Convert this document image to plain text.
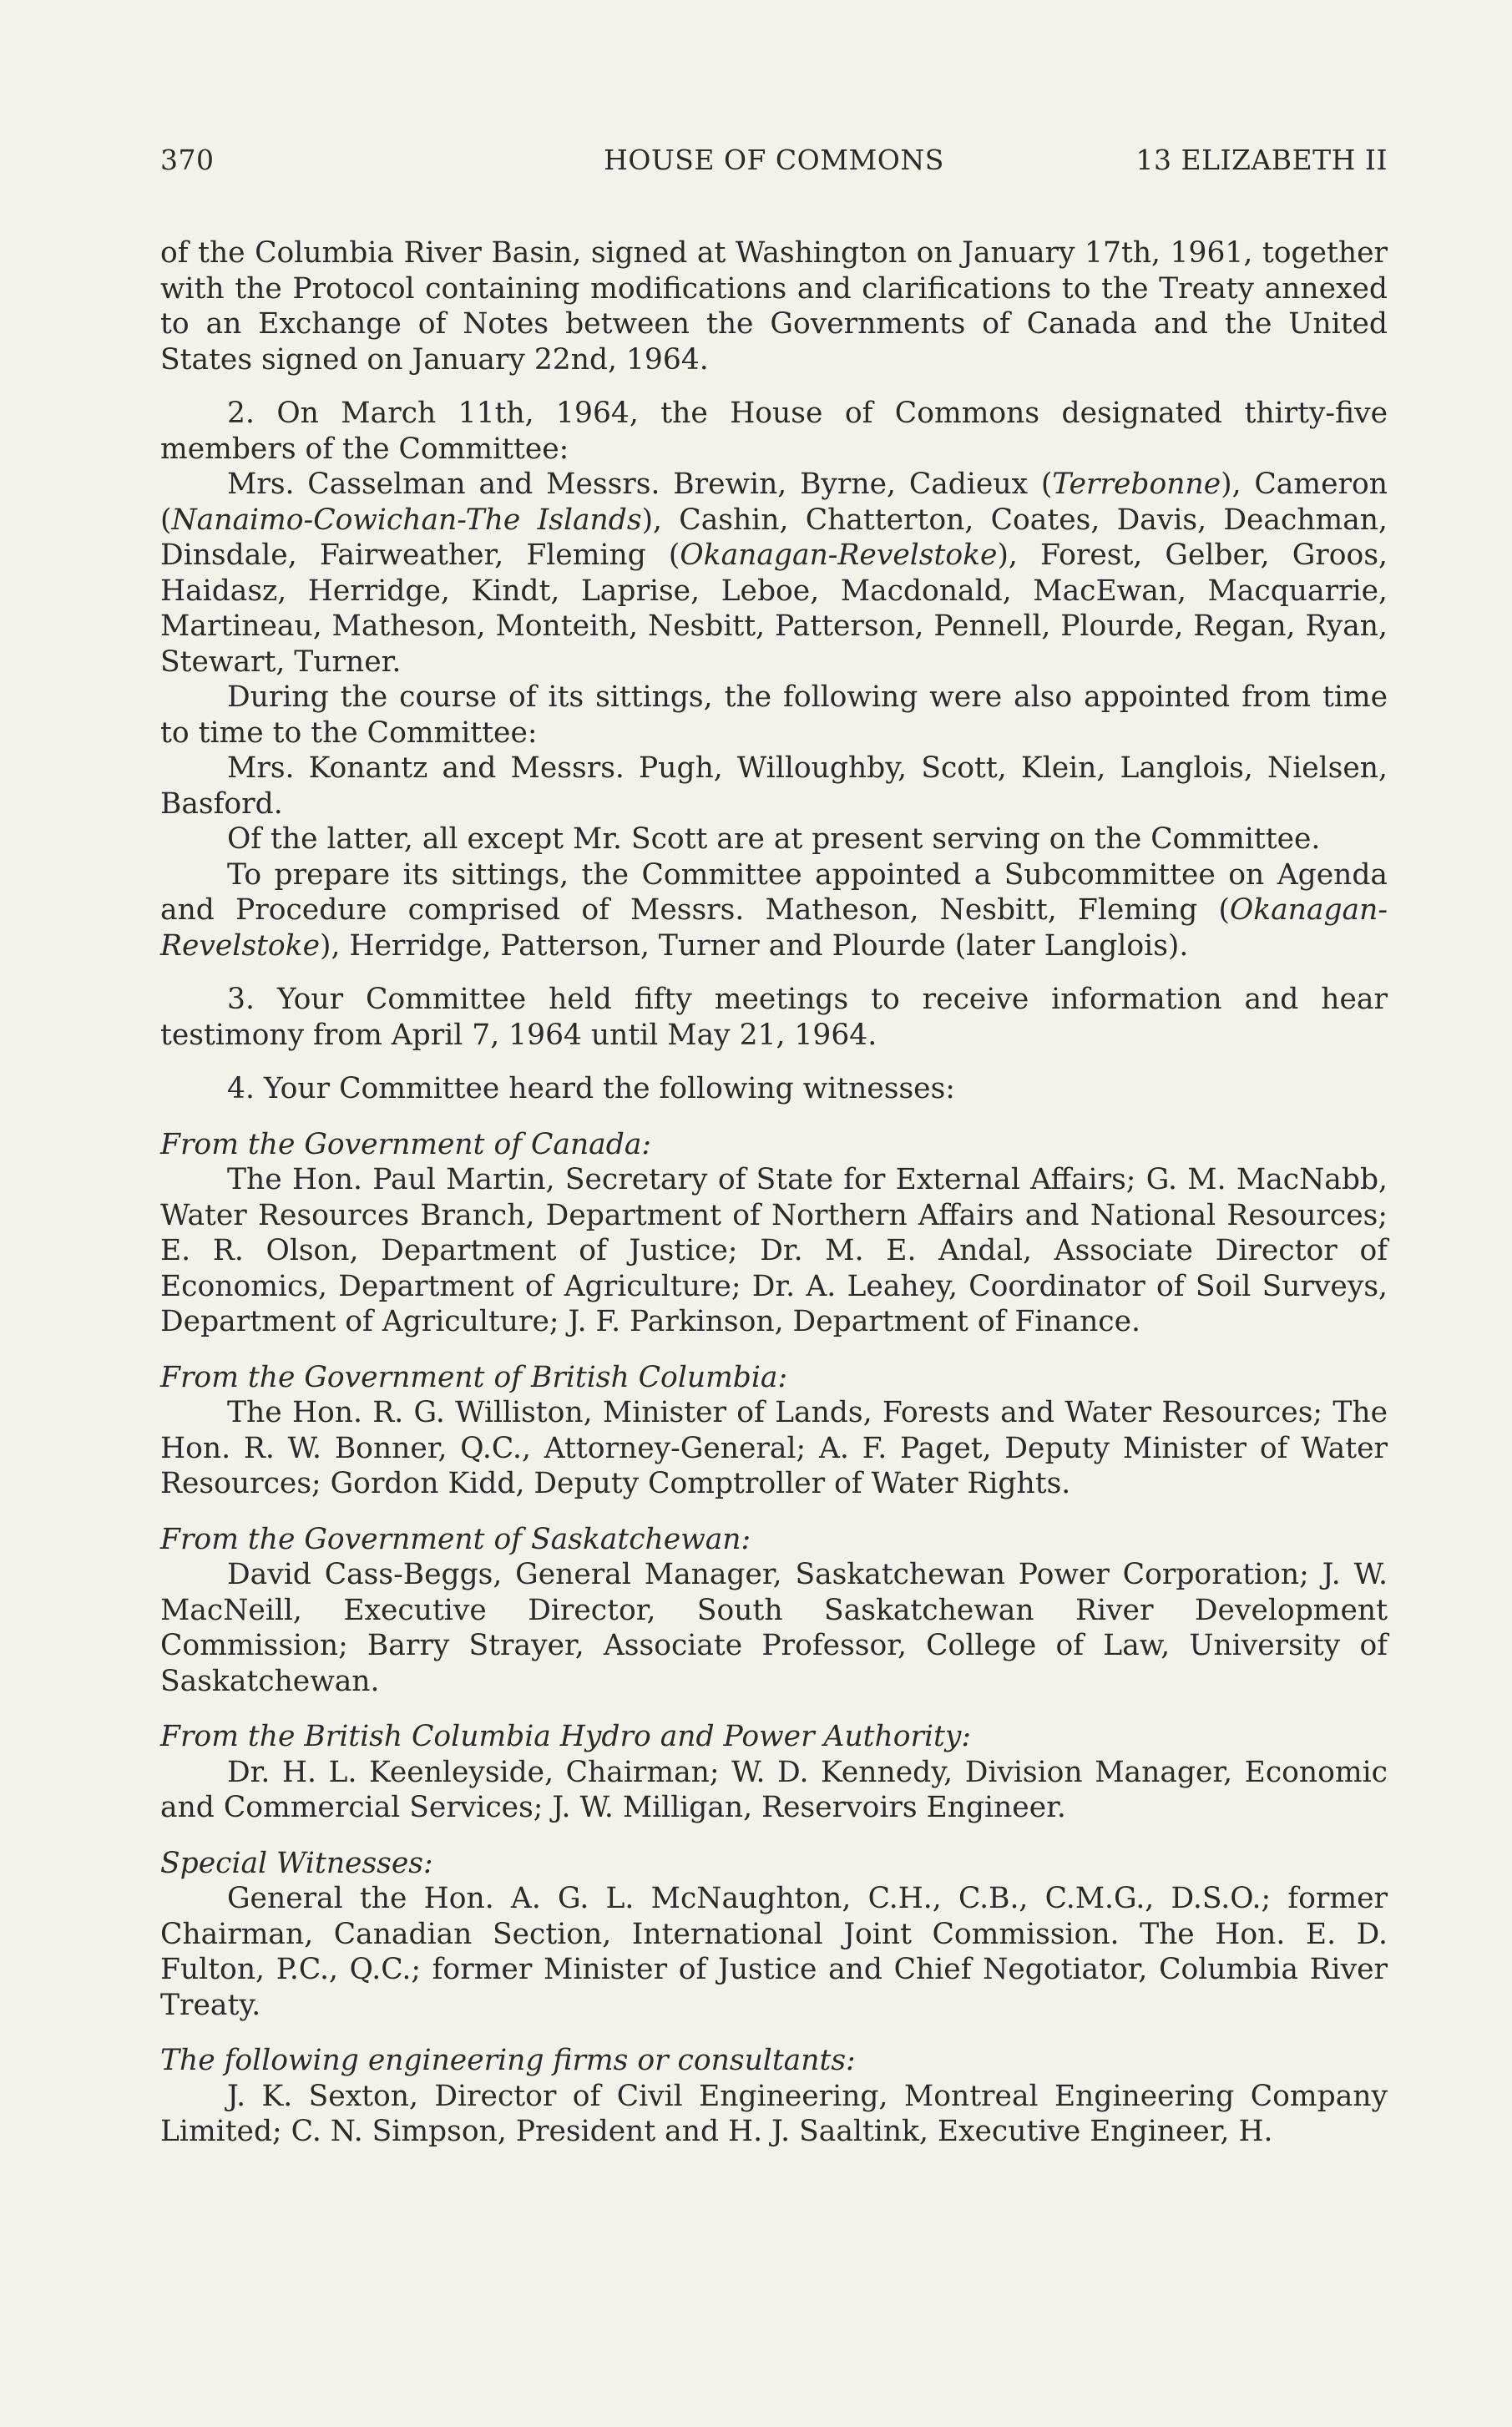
370	HOUSE OF COMMONS	13 ELIZABETH II

of the Columbia River Basin, signed at Washington on January 17th, 1961, together with the Protocol containing modifications and clarifications to the Treaty annexed to an Exchange of Notes between the Governments of Canada and the United States signed on January 22nd, 1964.

2. On March 11th, 1964, the House of Commons designated thirty-five members of the Committee:

Mrs. Casselman and Messrs. Brewin, Byrne, Cadieux (Terrebonne), Cameron (Nanaimo-Cowichan-The Islands), Cashin, Chatterton, Coates, Davis, Deachman, Dinsdale, Fairweather, Fleming (Okanagan-Revelstoke), Forest, Gelber, Groos, Haidasz, Herridge, Kindt, Laprise, Leboe, Macdonald, MacEwan, Macquarrie, Martineau, Matheson, Monteith, Nesbitt, Patterson, Pennell, Plourde, Regan, Ryan, Stewart, Turner.

During the course of its sittings, the following were also appointed from time to time to the Committee:

Mrs. Konantz and Messrs. Pugh, Willoughby, Scott, Klein, Langlois, Nielsen, Basford.

Of the latter, all except Mr. Scott are at present serving on the Committee.

To prepare its sittings, the Committee appointed a Subcommittee on Agenda and Procedure comprised of Messrs. Matheson, Nesbitt, Fleming (Okanagan-Revelstoke), Herridge, Patterson, Turner and Plourde (later Langlois).

3. Your Committee held fifty meetings to receive information and hear testimony from April 7, 1964 until May 21, 1964.

4. Your Committee heard the following witnesses:

From the Government of Canada:

The Hon. Paul Martin, Secretary of State for External Affairs; G. M. MacNabb, Water Resources Branch, Department of Northern Affairs and National Resources; E. R. Olson, Department of Justice; Dr. M. E. Andal, Associate Director of Economics, Department of Agriculture; Dr. A. Leahey, Coordinator of Soil Surveys, Department of Agriculture; J. F. Parkinson, Department of Finance.

From the Government of British Columbia:

The Hon. R. G. Williston, Minister of Lands, Forests and Water Resources; The Hon. R. W. Bonner, Q.C., Attorney-General; A. F. Paget, Deputy Minister of Water Resources; Gordon Kidd, Deputy Comptroller of Water Rights.

From the Government of Saskatchewan:

David Cass-Beggs, General Manager, Saskatchewan Power Corporation; J. W. MacNeill, Executive Director, South Saskatchewan River Development Commission; Barry Strayer, Associate Professor, College of Law, University of Saskatchewan.

From the British Columbia Hydro and Power Authority:

Dr. H. L. Keenleyside, Chairman; W. D. Kennedy, Division Manager, Economic and Commercial Services; J. W. Milligan, Reservoirs Engineer.

Special Witnesses:

General the Hon. A. G. L. McNaughton, C.H., C.B., C.M.G., D.S.O.; former Chairman, Canadian Section, International Joint Commission. The Hon. E. D. Fulton, P.C., Q.C.; former Minister of Justice and Chief Negotiator, Columbia River Treaty.

The following engineering firms or consultants:

J. K. Sexton, Director of Civil Engineering, Montreal Engineering Company Limited; C. N. Simpson, President and H. J. Saaltink, Executive Engineer, H.
